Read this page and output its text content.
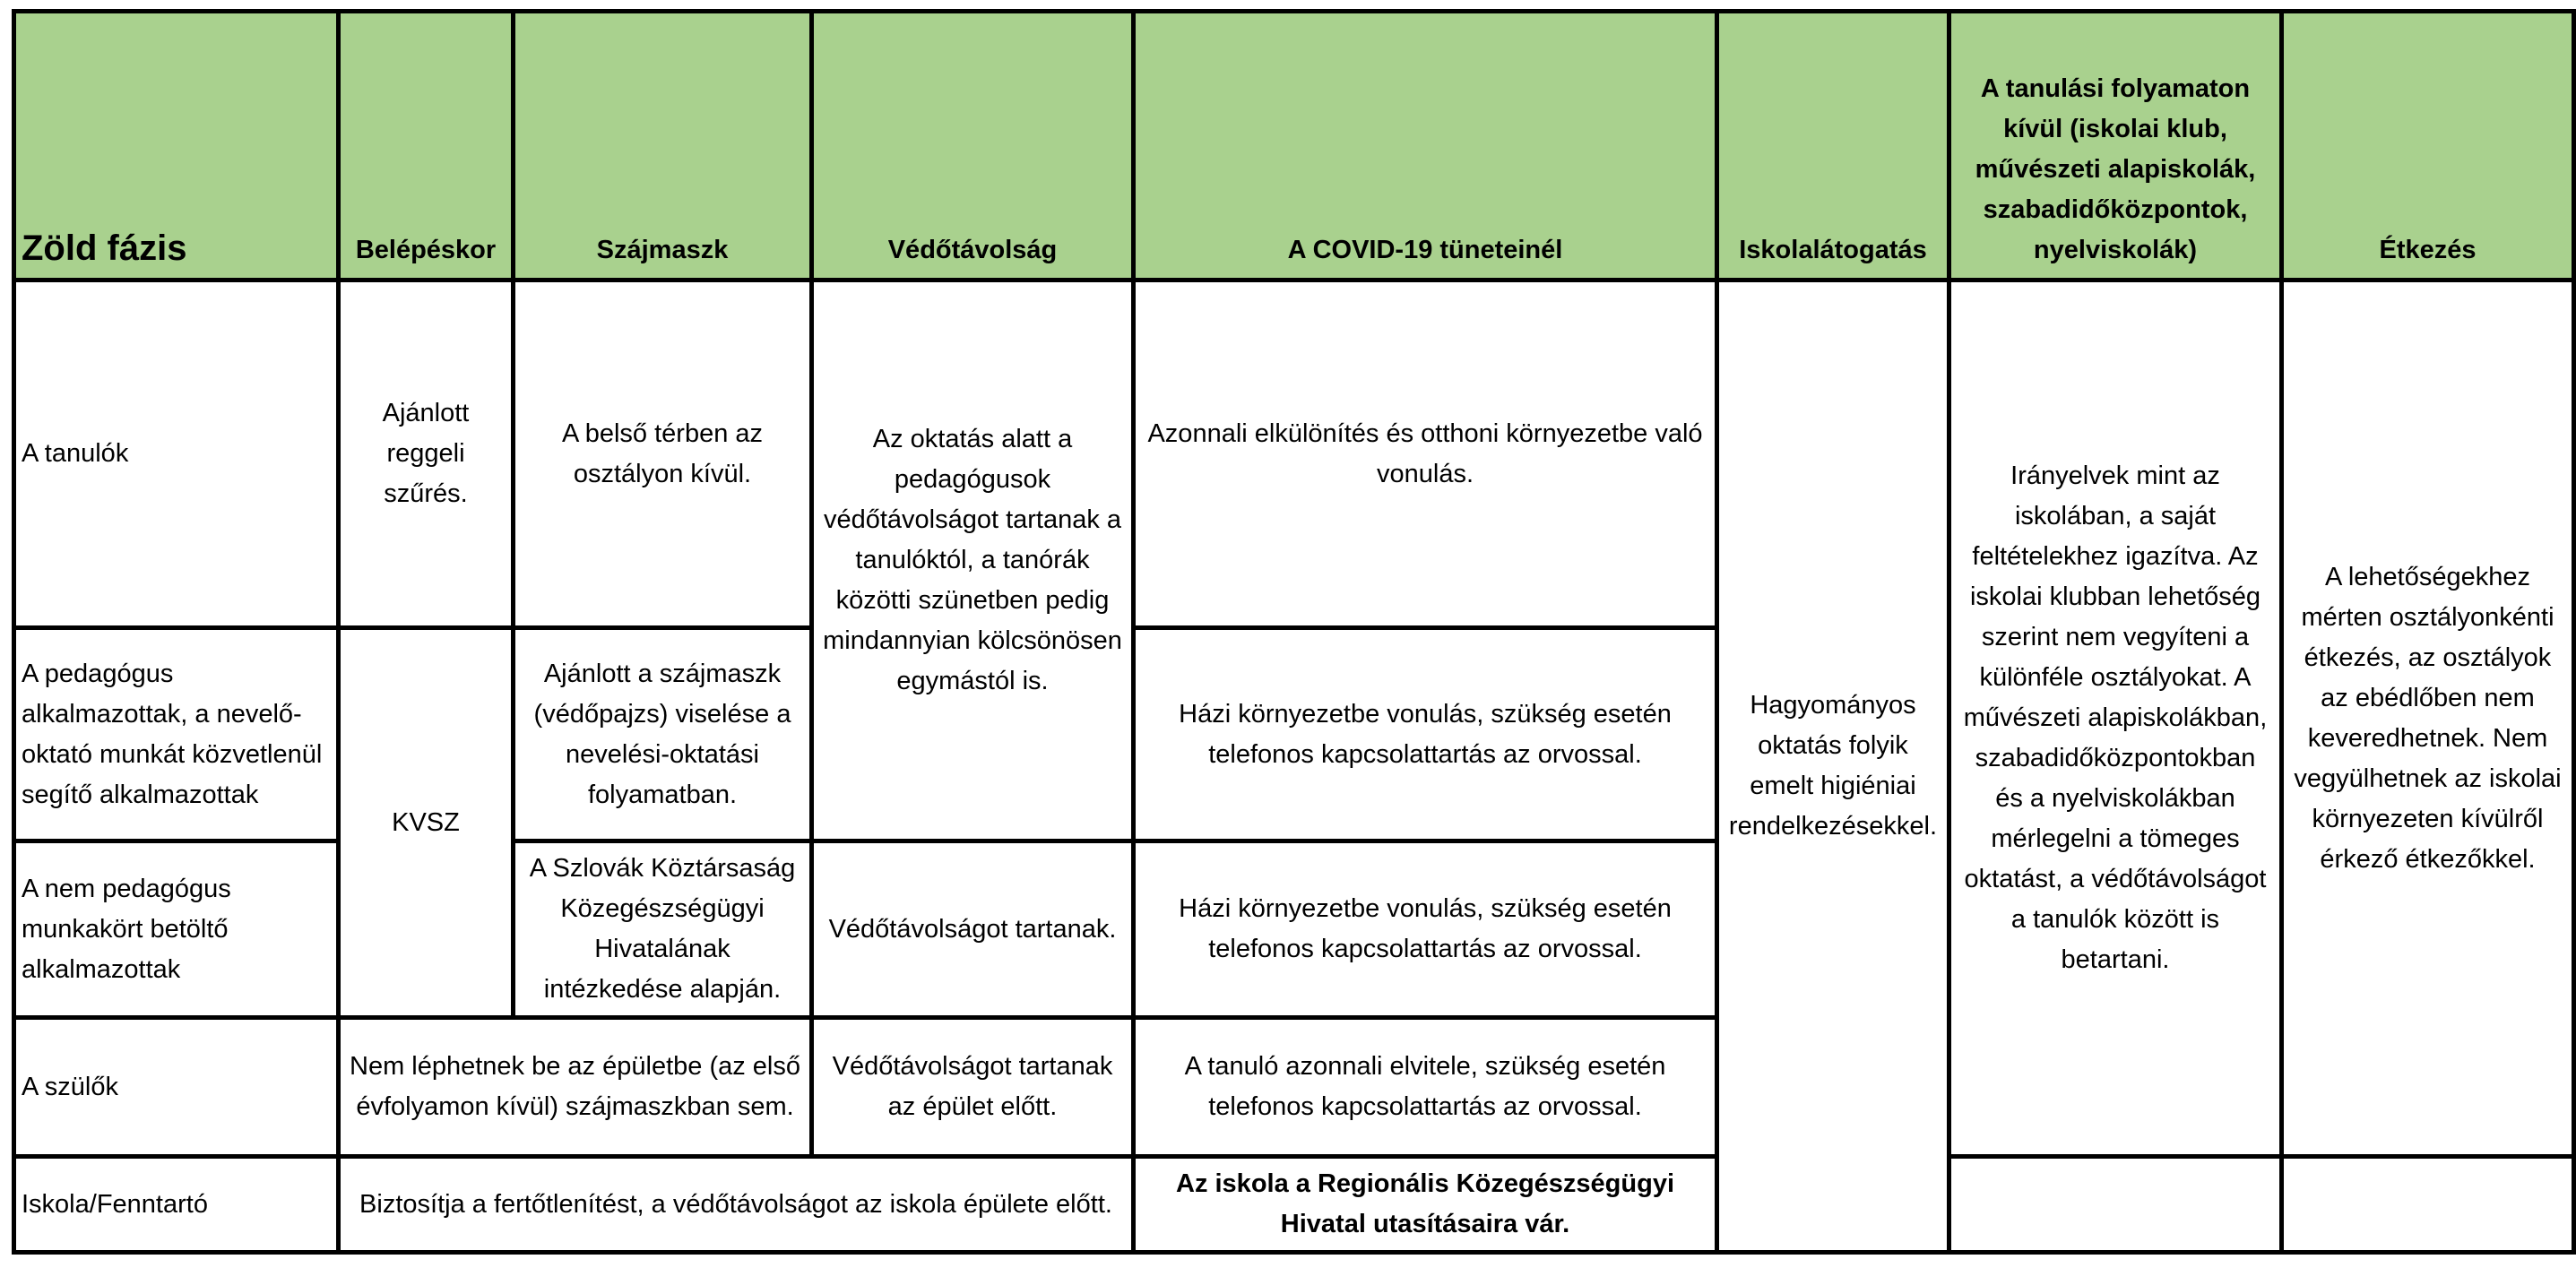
Zöld fázis	Belépéskor	Szájmaszk	Védőtávolság	A COVID-19 tüneteinél	Iskolalátogatás	A tanulási folyamaton kívül (iskolai klub, művészeti alapiskolák, szabadidőközpontok, nyelviskolák)	Étkezés
A tanulók	Ajánlott reggeli szűrés.	A belső térben az osztályon kívül.	Az oktatás alatt a pedagógusok védőtávolságot tartanak a tanulóktól, a tanórák közötti szünetben pedig mindannyian kölcsönösen egymástól is.	Azonnali elkülönítés és otthoni környezetbe való vonulás.	Hagyományos oktatás folyik emelt higiéniai rendelkezésekkel.	Irányelvek mint az iskolában, a saját feltételekhez igazítva. Az iskolai klubban lehetőség szerint nem vegyíteni a különféle osztályokat. A művészeti alapiskolákban, szabadidőközpontokban és a nyelviskolákban mérlegelni a tömeges oktatást, a védőtávolságot a tanulók között is betartani.	A lehetőségekhez mérten osztályonkénti étkezés, az osztályok az ebédlőben nem keveredhetnek. Nem vegyülhetnek az iskolai környezeten kívülről érkező étkezőkkel.
A pedagógus alkalmazottak, a nevelő-oktató munkát közvetlenül segítő alkalmazottak	KVSZ	Ajánlott a szájmaszk (védőpajzs) viselése a nevelési-oktatási folyamatban.		Házi környezetbe vonulás, szükség esetén telefonos kapcsolattartás az orvossal.			
A nem pedagógus munkakört betöltő alkalmazottak		A Szlovák Köztársaság Közegészségügyi Hivatalának intézkedése alapján.	Védőtávolságot tartanak.	Házi környezetbe vonulás, szükség esetén telefonos kapcsolattartás az orvossal.			
A szülők	Nem léphetnek be az épületbe (az első évfolyamon kívül) szájmaszkban sem.		Védőtávolságot tartanak az épület előtt.	A tanuló azonnali elvitele, szükség esetén telefonos kapcsolattartás az orvossal.			
Iskola/Fenntartó	Biztosítja a fertőtlenítést, a védőtávolságot az iskola épülete előtt.			Az iskola a Regionális Közegészségügyi Hivatal utasításaira vár.			
